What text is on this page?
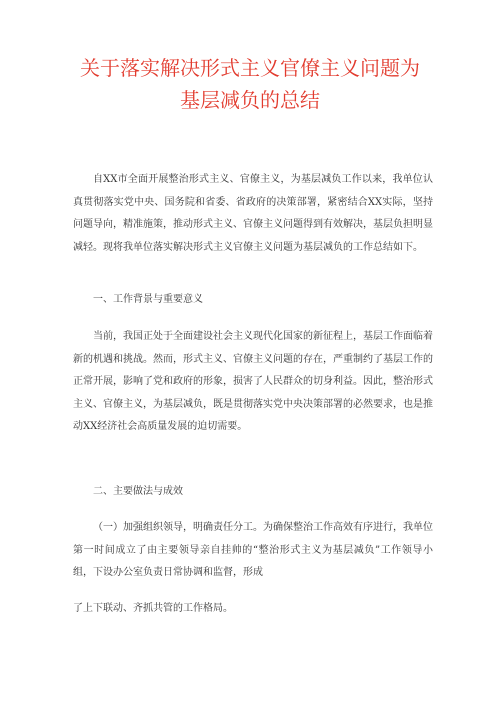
关于落实解决形式主义官僚主义问题为
基层减负的总结

自XX市全面开展整治形式主义、官僚主义，为基层减负工作以来，我单位认真贯彻落实党中央、国务院和省委、省政府的决策部署，紧密结合XX实际，坚持问题导向，精准施策，推动形式主义、官僚主义问题得到有效解决，基层负担明显减轻。现将我单位落实解决形式主义官僚主义问题为基层减负的工作总结如下。

一、工作背景与重要意义

当前，我国正处于全面建设社会主义现代化国家的新征程上，基层工作面临着新的机遇和挑战。然而，形式主义、官僚主义问题的存在，严重制约了基层工作的正常开展，影响了党和政府的形象，损害了人民群众的切身利益。因此，整治形式主义、官僚主义，为基层减负，既是贯彻落实党中央决策部署的必然要求，也是推动XX经济社会高质量发展的迫切需要。

二、主要做法与成效

（一）加强组织领导，明确责任分工。为确保整治工作高效有序进行，我单位第一时间成立了由主要领导亲自挂帅的“整治形式主义为基层减负”工作领导小组，下设办公室负责日常协调和监督，形成

了上下联动、齐抓共管的工作格局。
